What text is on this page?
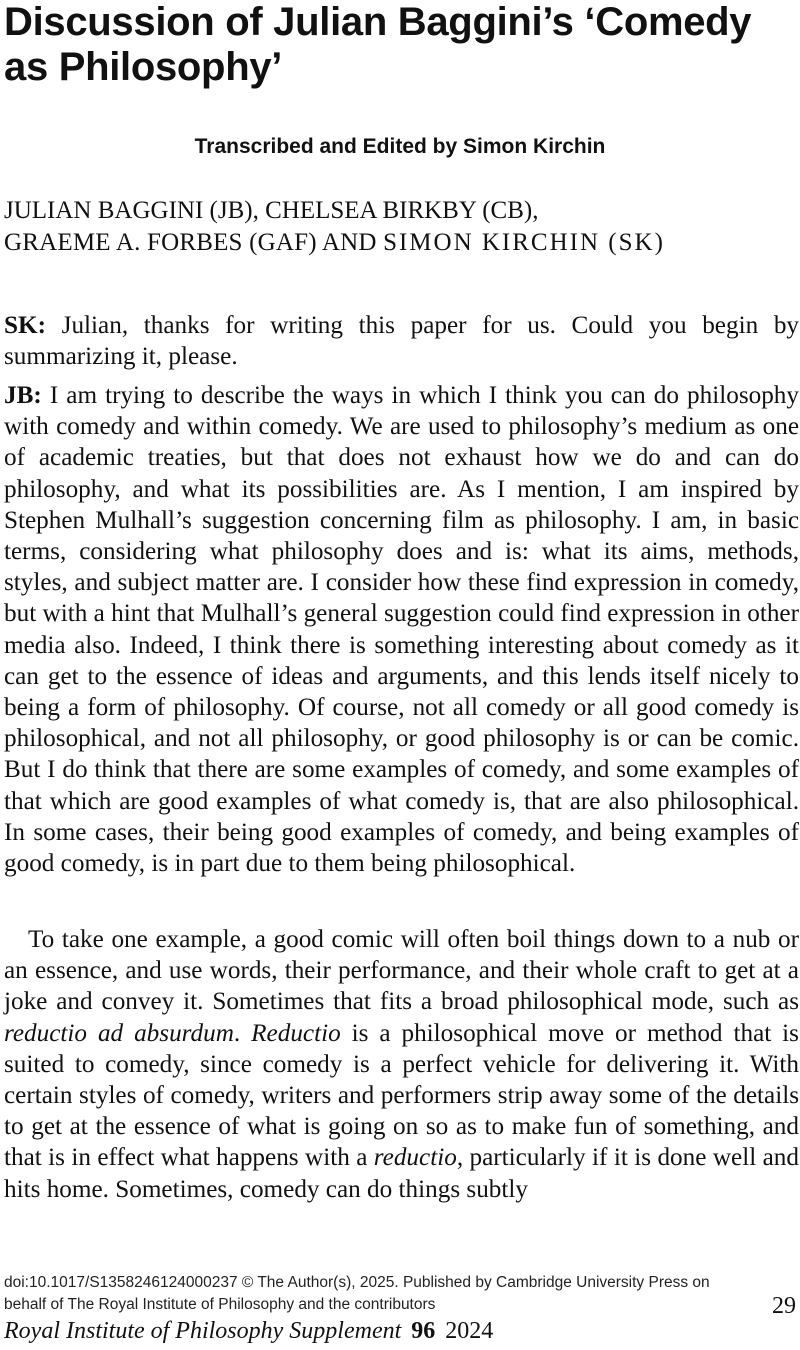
Discussion of Julian Baggini’s ‘Comedy as Philosophy’
Transcribed and Edited by Simon Kirchin
JULIAN BAGGINI (JB), CHELSEA BIRKBY (CB),
GRAEME A. FORBES (GAF) AND SIMON KIRCHIN (SK)

SK: Julian, thanks for writing this paper for us. Could you begin by summarizing it, please.

JB: I am trying to describe the ways in which I think you can do philosophy with comedy and within comedy. We are used to philosophy’s medium as one of academic treaties, but that does not exhaust how we do and can do philosophy, and what its possibilities are. As I mention, I am inspired by Stephen Mulhall’s suggestion concerning film as philosophy. I am, in basic terms, considering what philosophy does and is: what its aims, methods, styles, and subject matter are. I consider how these find expression in comedy, but with a hint that Mulhall’s general suggestion could find expression in other media also. Indeed, I think there is something interesting about comedy as it can get to the essence of ideas and arguments, and this lends itself nicely to being a form of philosophy. Of course, not all comedy or all good comedy is philosophical, and not all philosophy, or good philosophy is or can be comic. But I do think that there are some examples of comedy, and some examples of that which are good examples of what comedy is, that are also philosophical. In some cases, their being good examples of comedy, and being examples of good comedy, is in part due to them being philosophical.

To take one example, a good comic will often boil things down to a nub or an essence, and use words, their performance, and their whole craft to get at a joke and convey it. Sometimes that fits a broad philosophical mode, such as reductio ad absurdum. Reductio is a philosophical move or method that is suited to comedy, since comedy is a perfect vehicle for delivering it. With certain styles of comedy, writers and performers strip away some of the details to get at the essence of what is going on so as to make fun of something, and that is in effect what happens with a reductio, particularly if it is done well and hits home. Sometimes, comedy can do things subtly

doi:10.1017/S1358246124000237 © The Author(s), 2025. Published by Cambridge University Press on
behalf of The Royal Institute of Philosophy and the contributors	29
Royal Institute of Philosophy Supplement 96 2024
